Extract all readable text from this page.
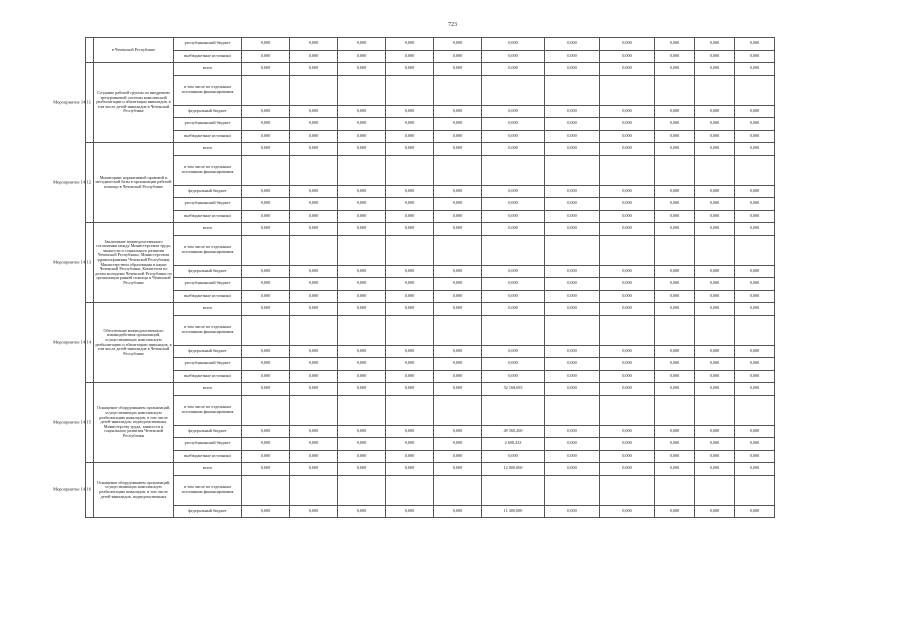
723
	в Чеченской Республике	республиканский бюджет	0,000	0,000	0,000	0,000	0,000	0,000	0,000	0,000	0,000	0,000	0,000
		внебюджетные источники	0,000	0,000	0,000	0,000	0,000	0,000	0,000	0,000	0,000	0,000	0,000

Мероприятие 14.11	Создание рабочей группы по внедрению трехуровневой системы комплексной реабилитации и абилитации инвалидов, в том числе детей-инвалидов в Чеченской Республике	всего	0,000	0,000	0,000	0,000	0,000	0,000	0,000	0,000	0,000	0,000	0,000
		в том числе по отдельным источникам финансирования											
		федеральный бюджет	0,000	0,000	0,000	0,000	0,000	0,000	0,000	0,000	0,000	0,000	0,000
		республиканский бюджет	0,000	0,000	0,000	0,000	0,000	0,000	0,000	0,000	0,000	0,000	0,000
		внебюджетные источники	0,000	0,000	0,000	0,000	0,000	0,000	0,000	0,000	0,000	0,000	0,000

Мероприятие 14.12	Мониторинг нормативной правовой и методической базы в организации рабочей помощи в Чеченской Республике	всего	0,000	0,000	0,000	0,000	0,000	0,000	0,000	0,000	0,000	0,000	0,000
		в том числе по отдельным источникам финансирования											
		федеральный бюджет	0,000	0,000	0,000	0,000	0,000	0,000	0,000	0,000	0,000	0,000	0,000
		республиканский бюджет	0,000	0,000	0,000	0,000	0,000	0,000	0,000	0,000	0,000	0,000	0,000
		внебюджетные источники	0,000	0,000	0,000	0,000	0,000	0,000	0,000	0,000	0,000	0,000	0,000

Мероприятие 14.13	Заключение межведомственного соглашения между Министерством труда, занятости и социального развития Чеченской Республики, Министерством здравоохранения Чеченской Республики, Министерством образования и науки Чеченской Республики, Комитетом по делам молодежи Чеченской Республики по организации ранней помощи в Чеченской Республике	всего	0,000	0,000	0,000	0,000	0,000	0,000	0,000	0,000	0,000	0,000	0,000
		в том числе по отдельным источникам финансирования											
		федеральный бюджет	0,000	0,000	0,000	0,000	0,000	0,000	0,000	0,000	0,000	0,000	0,000
		республиканский бюджет	0,000	0,000	0,000	0,000	0,000	0,000	0,000	0,000	0,000	0,000	0,000
		внебюджетные источники	0,000	0,000	0,000	0,000	0,000	0,000	0,000	0,000	0,000	0,000	0,000

Мероприятие 14.14	Обеспечение межведомственного взаимодействия организаций, осуществляющих комплексную реабилитацию и абилитацию инвалидов, в том числе детей-инвалидов в Чеченской Республике	всего	0,000	0,000	0,000	0,000	0,000	0,000	0,000	0,000	0,000	0,000	0,000
		в том числе по отдельным источникам финансирования											
		федеральный бюджет	0,000	0,000	0,000	0,000	0,000	0,000	0,000	0,000	0,000	0,000	0,000
		республиканский бюджет	0,000	0,000	0,000	0,000	0,000	0,000	0,000	0,000	0,000	0,000	0,000
		внебюджетные источники	0,000	0,000	0,000	0,000	0,000	0,000	0,000	0,000	0,000	0,000	0,000

Мероприятие 14.15	Оснащение оборудованием организаций, осуществляющих комплексную реабилитацию инвалидов, в том числе детей-инвалидов, подведомственных Министерству труда, занятости и социального развития Чеченской Республики	всего	0,000	0,000	0,000	0,000	0,000	52 168,693	0,000	0,000	0,000	0,000	0,000
		в том числе по отдельным источникам финансирования											
		федеральный бюджет	0,000	0,000	0,000	0,000	0,000	49 560,260	0,000	0,000	0,000	0,000	0,000
		республиканский бюджет	0,000	0,000	0,000	0,000	0,000	2 608,433	0,000	0,000	0,000	0,000	0,000
		внебюджетные источники	0,000	0,000	0,000	0,000	0,000	0,000	0,000	0,000	0,000	0,000	0,000

Мероприятие 14.16	Оснащение оборудованием организаций, осуществляющих комплексную реабилитацию инвалидов, в том числе детей-инвалидов, подведомственных	всего	0,000	0,000	0,000	0,000	0,000	12 000,000	0,000	0,000	0,000	0,000	0,000
		в том числе по отдельным источникам финансирования											
		федеральный бюджет	0,000	0,000	0,000	0,000	0,000	11 400,000	0,000	0,000	0,000	0,000	0,000
